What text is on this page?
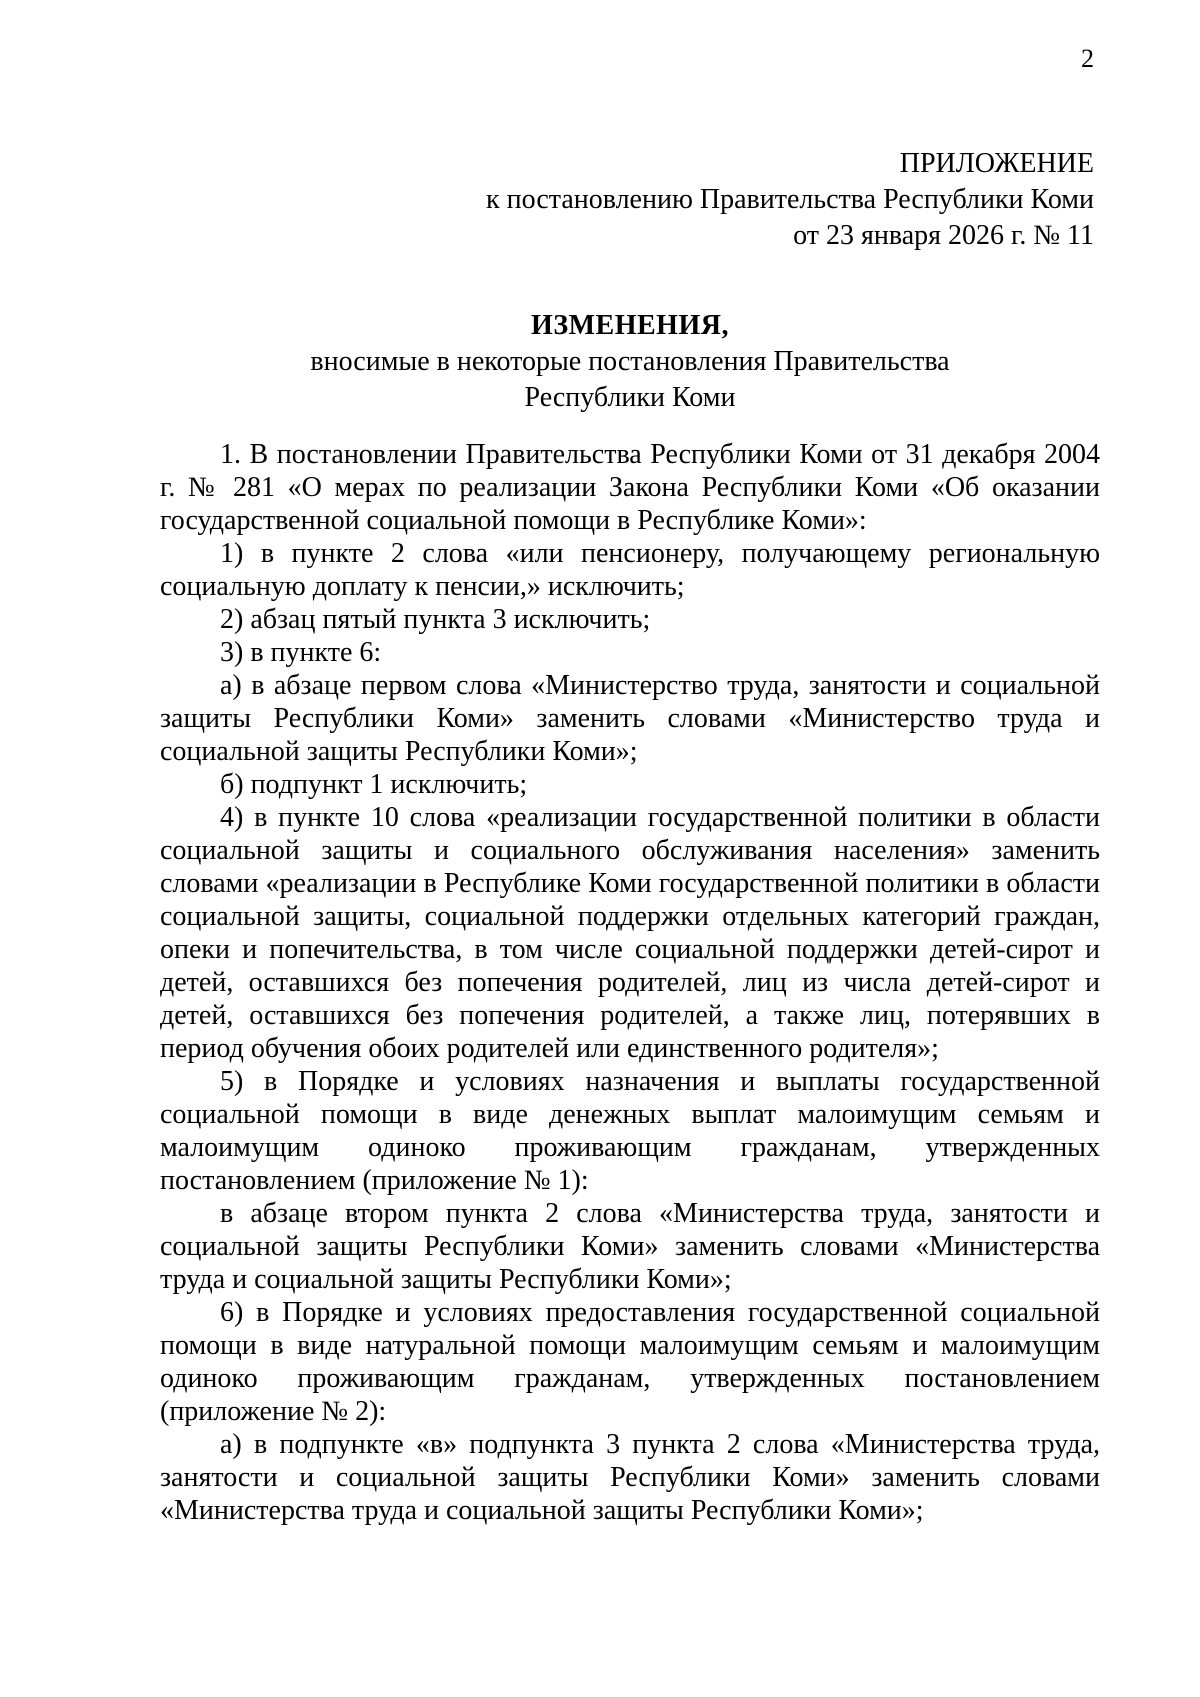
2
ПРИЛОЖЕНИЕ
к постановлению Правительства Республики Коми
от 23 января 2026 г. № 11
ИЗМЕНЕНИЯ,
вносимые в некоторые постановления Правительства
Республики Коми

1. В постановлении Правительства Республики Коми от 31 декабря 2004 г. № 281 «О мерах по реализации Закона Республики Коми «Об оказании государственной социальной помощи в Республике Коми»:

1) в пункте 2 слова «или пенсионеру, получающему региональную социальную доплату к пенсии,» исключить;

2) абзац пятый пункта 3 исключить;

3) в пункте 6:

а) в абзаце первом слова «Министерство труда, занятости и социальной защиты Республики Коми» заменить словами «Министерство труда и социальной защиты Республики Коми»;

б) подпункт 1 исключить;

4) в пункте 10 слова «реализации государственной политики в области социальной защиты и социального обслуживания населения» заменить словами «реализации в Республике Коми государственной политики в области социальной защиты, социальной поддержки отдельных категорий граждан, опеки и попечительства, в том числе социальной поддержки детей-сирот и детей, оставшихся без попечения родителей, лиц из числа детей-сирот и детей, оставшихся без попечения родителей, а также лиц, потерявших в период обучения обоих родителей или единственного родителя»;

5) в Порядке и условиях назначения и выплаты государственной социальной помощи в виде денежных выплат малоимущим семьям и малоимущим одиноко проживающим гражданам, утвержденных постановлением (приложение № 1):

в абзаце втором пункта 2 слова «Министерства труда, занятости и социальной защиты Республики Коми» заменить словами «Министерства труда и социальной защиты Республики Коми»;

6) в Порядке и условиях предоставления государственной социальной помощи в виде натуральной помощи малоимущим семьям и малоимущим одиноко проживающим гражданам, утвержденных постановлением (приложение № 2):

а) в подпункте «в» подпункта 3 пункта 2 слова «Министерства труда, занятости и социальной защиты Республики Коми» заменить словами «Министерства труда и социальной защиты Республики Коми»;
